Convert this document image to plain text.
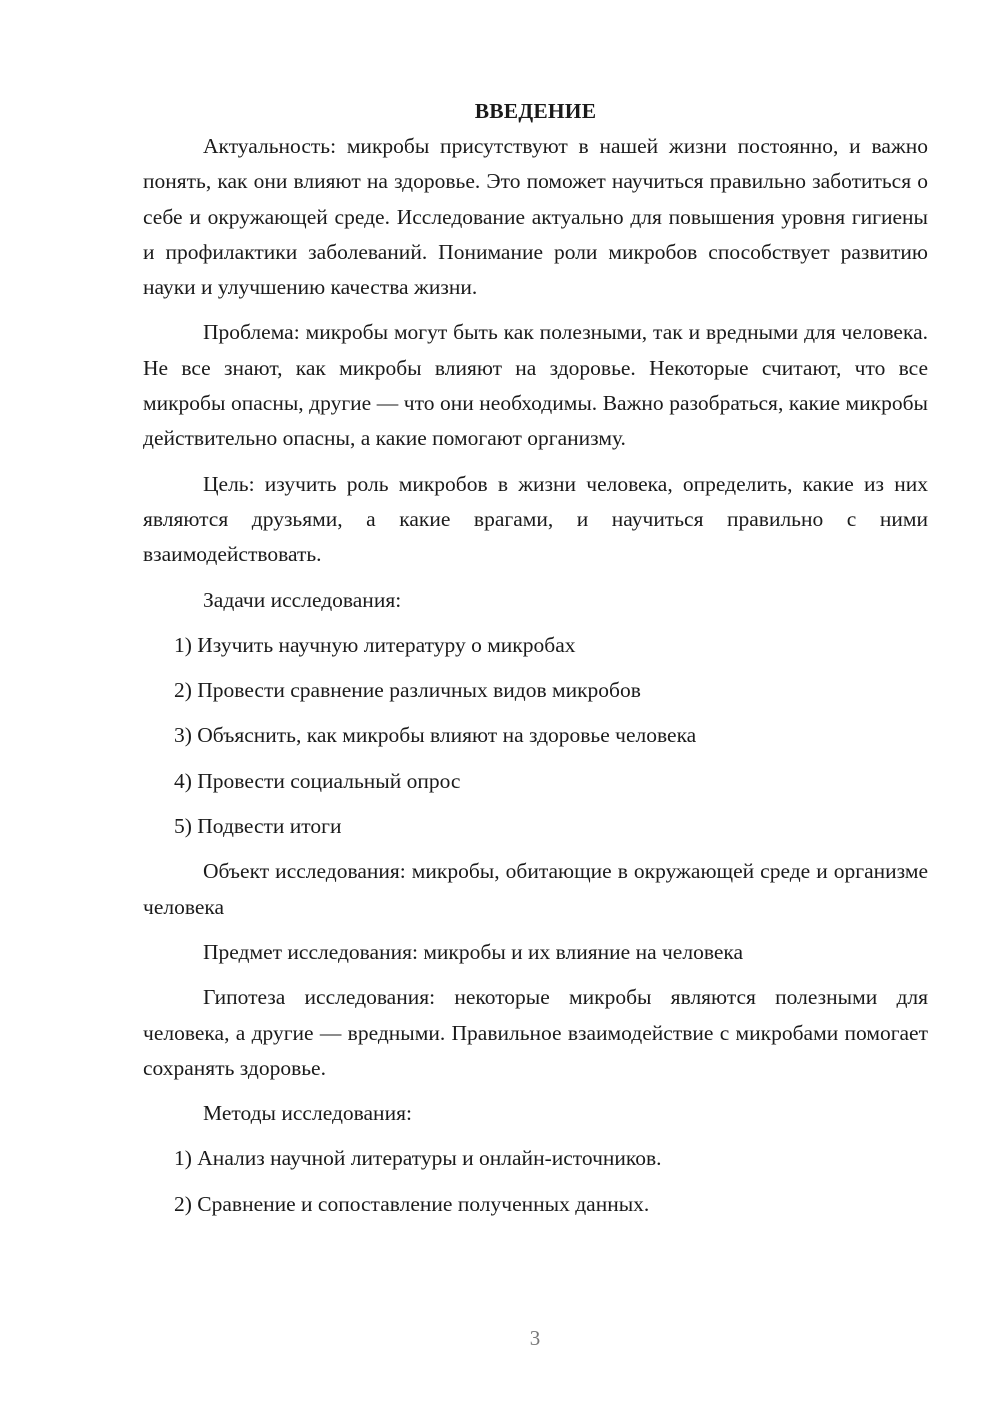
ВВЕДЕНИЕ

Актуальность: микробы присутствуют в нашей жизни постоянно, и важно понять, как они влияют на здоровье. Это поможет научиться правильно заботиться о себе и окружающей среде. Исследование актуально для повышения уровня гигиены и профилактики заболеваний. Понимание роли микробов способствует развитию науки и улучшению качества жизни.

Проблема: микробы могут быть как полезными, так и вредными для человека. Не все знают, как микробы влияют на здоровье. Некоторые считают, что все микробы опасны, другие — что они необходимы. Важно разобраться, какие микробы действительно опасны, а какие помогают организму.

Цель: изучить роль микробов в жизни человека, определить, какие из них являются друзьями, а какие врагами, и научиться правильно с ними взаимодействовать.

Задачи исследования:

1) Изучить научную литературу о микробах
2) Провести сравнение различных видов микробов
3) Объяснить, как микробы влияют на здоровье человека
4) Провести социальный опрос
5) Подвести итоги

Объект исследования: микробы, обитающие в окружающей среде и организме человека

Предмет исследования: микробы и их влияние на человека

Гипотеза исследования: некоторые микробы являются полезными для человека, а другие — вредными. Правильное взаимодействие с микробами помогает сохранять здоровье.

Методы исследования:

1) Анализ научной литературы и онлайн-источников.
2) Сравнение и сопоставление полученных данных.
3
